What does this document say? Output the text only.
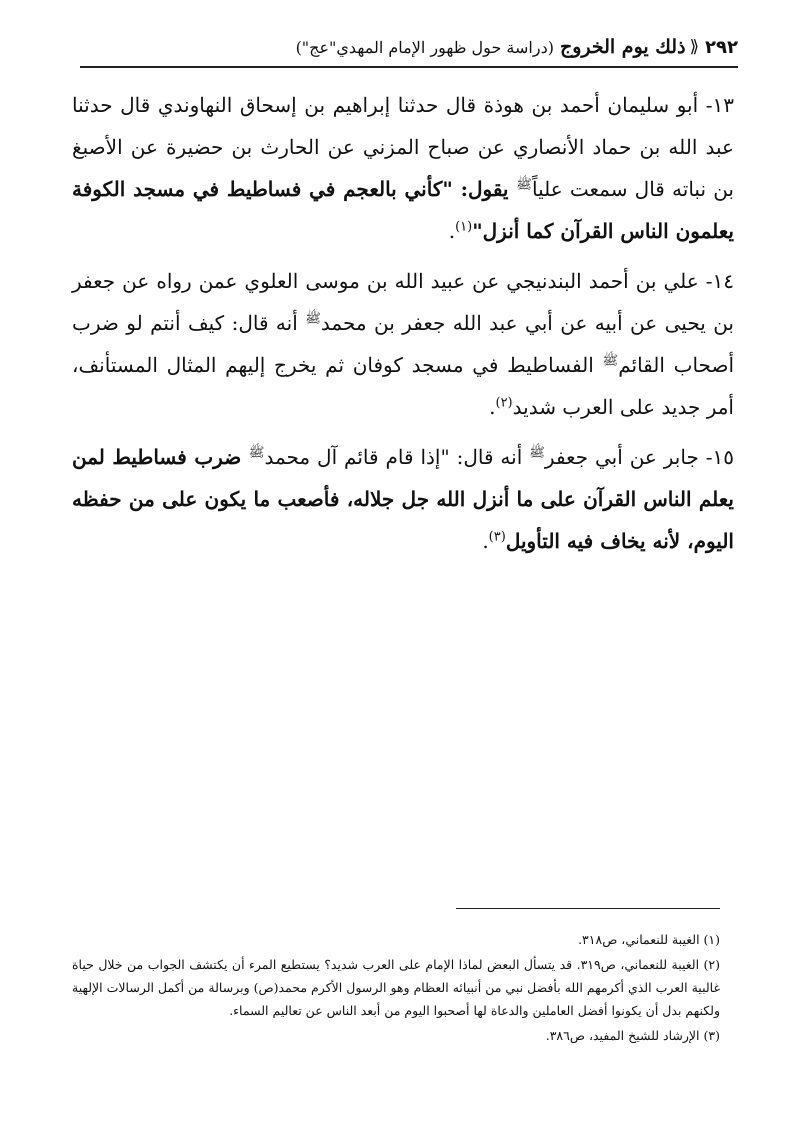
٢٩٢
⟪
ذلك يوم الخروج
(دراسة حول ظهور الإمام المهدي"عج")

١٣- أبو سليمان أحمد بن هوذة قال حدثنا إبراهيم بن إسحاق النهاوندي قال حدثنا عبد الله بن حماد الأنصاري عن صباح المزني عن الحارث بن حضيرة عن الأصبغ بن نباته قال سمعت علياً$^ﷺ$ يقول: "كأني بالعجم في فساطيط في مسجد الكوفة يعلمون الناس القرآن كما أنزل"$^{(١)}$.

١٤- علي بن أحمد البندنيجي عن عبيد الله بن موسى العلوي عمن رواه عن جعفر بن يحيى عن أبيه عن أبي عبد الله جعفر بن محمد$^ﷺ$ أنه قال: كيف أنتم لو ضرب أصحاب القائم$^ﷺ$ الفساطيط في مسجد كوفان ثم يخرج إليهم المثال المستأنف، أمر جديد على العرب شديد$^{(٢)}$.

١٥- جابر عن أبي جعفر$^ﷺ$ أنه قال: "إذا قام قائم آل محمد$^ﷺ$ ضرب فساطيط لمن يعلم الناس القرآن على ما أنزل الله جل جلاله، فأصعب ما يكون على من حفظه اليوم، لأنه يخاف فيه التأويل$^{(٣)}$.

(١) الغيبة للنعماني، ص٣١٨.

(٢) الغيبة للنعماني، ص٣١٩. قد يتسأل البعض لماذا الإمام على العرب شديد؟ يستطيع المرء أن يكتشف الجواب من خلال حياة غالبية العرب الذي أكرمهم الله بأفضل نبي من أنبيائه العظام وهو الرسول الأكرم محمد(ص) وبرسالة من أكمل الرسالات الإلهية ولكنهم بدل أن يكونوا أفضل العاملين والدعاة لها أصحبوا اليوم من أبعد الناس عن تعاليم السماء.

(٣) الإرشاد للشيخ المفيد، ص٣٨٦.
